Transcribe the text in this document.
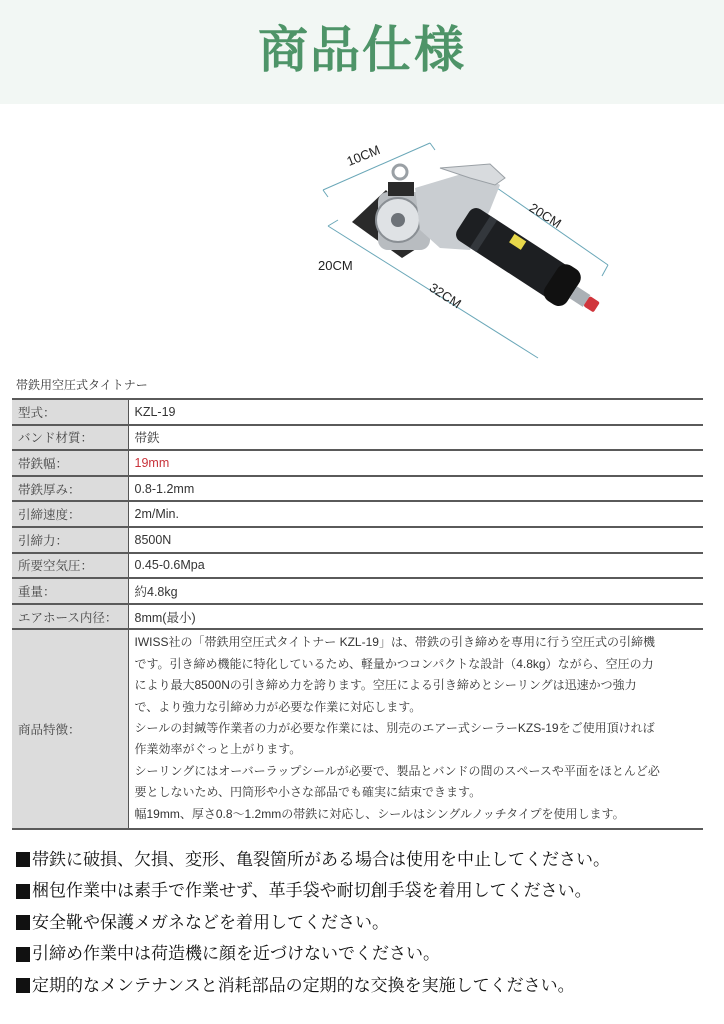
商品仕様
10CM
20CM
20CM
32CM
帯鉄用空圧式タイトナー
型式：	KZL-19
バンド材質：	帯鉄
帯鉄幅：	19mm
帯鉄厚み：	0.8-1.2mm
引締速度：	2m/Min.
引締力：	8500N
所要空気圧：	0.45-0.6Mpa
重量：	約4.8kg
エアホース内径：	8mm(最小)
商品特徴：	

IWISS社の「帯鉄用空圧式タイトナー KZL-19」は、帯鉄の引き締めを専用に行う空圧式の引締機

です。引き締め機能に特化しているため、軽量かつコンパクトな設計（4.8kg）ながら、空圧の力

により最大8500Nの引き締め力を誇ります。空圧による引き締めとシーリングは迅速かつ強力

で、より強力な引締め力が必要な作業に対応します。

シールの封緘等作業者の力が必要な作業には、別売のエアー式シーラーKZS-19をご使用頂ければ

作業効率がぐっと上がります。

シーリングにはオーバーラップシールが必要で、製品とバンドの間のスペースや平面をほとんど必

要としないため、円筒形や小さな部品でも確実に結束できます。

幅19mm、厚さ0.8〜1.2mmの帯鉄に対応し、シールはシングルノッチタイプを使用します。

帯鉄に破損、欠損、変形、亀裂箇所がある場合は使用を中止してください。
梱包作業中は素手で作業せず、革手袋や耐切創手袋を着用してください。
安全靴や保護メガネなどを着用してください。
引締め作業中は荷造機に顔を近づけないでください。
定期的なメンテナンスと消耗部品の定期的な交換を実施してください。
